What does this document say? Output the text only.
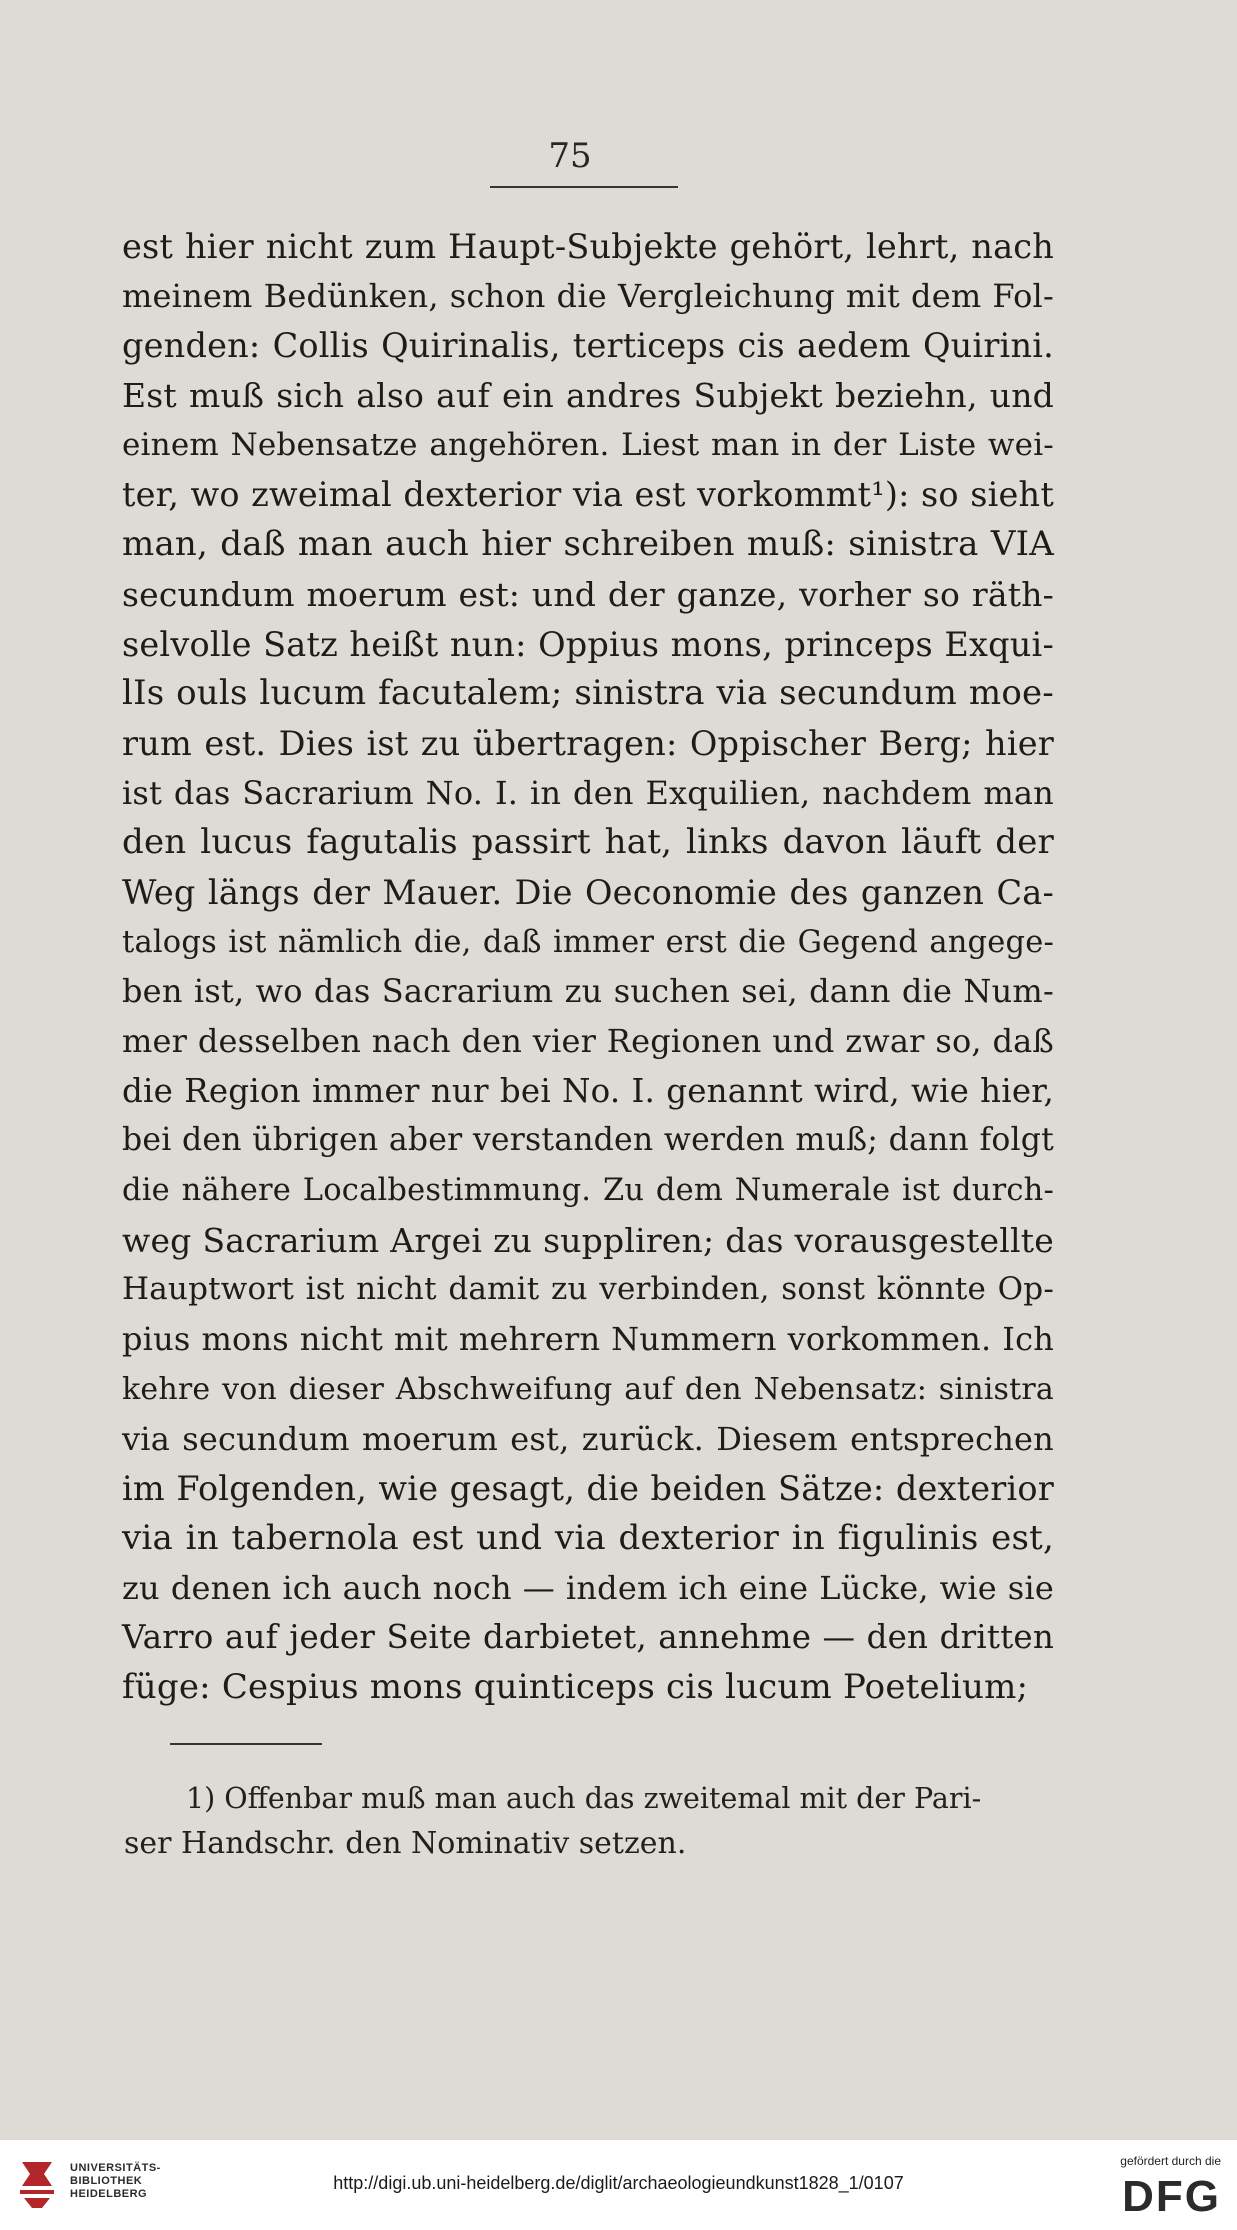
75
est hier nicht zum Haupt-Subjekte gehört, lehrt, nach
meinem Bedünken, schon die Vergleichung mit dem Fol-
genden: Collis Quirinalis, terticeps cis aedem Quirini.
Est muß sich also auf ein andres Subjekt beziehn, und
einem Nebensatze angehören. Liest man in der Liste wei-
ter, wo zweimal dexterior via est vorkommt¹): so sieht
man, daß man auch hier schreiben muß: sinistra VIA
secundum moerum est: und der ganze, vorher so räth-
selvolle Satz heißt nun: Oppius mons, princeps Exqui-
lIs ouls lucum facutalem; sinistra via secundum moe-
rum est. Dies ist zu übertragen: Oppischer Berg; hier
ist das Sacrarium No. I. in den Exquilien, nachdem man
den lucus fagutalis passirt hat, links davon läuft der
Weg längs der Mauer. Die Oeconomie des ganzen Ca-
talogs ist nämlich die, daß immer erst die Gegend angege-
ben ist, wo das Sacrarium zu suchen sei, dann die Num-
mer desselben nach den vier Regionen und zwar so, daß
die Region immer nur bei No. I. genannt wird, wie hier,
bei den übrigen aber verstanden werden muß; dann folgt
die nähere Localbestimmung. Zu dem Numerale ist durch-
weg Sacrarium Argei zu suppliren; das vorausgestellte
Hauptwort ist nicht damit zu verbinden, sonst könnte Op-
pius mons nicht mit mehrern Nummern vorkommen. Ich
kehre von dieser Abschweifung auf den Nebensatz: sinistra
via secundum moerum est, zurück. Diesem entsprechen
im Folgenden, wie gesagt, die beiden Sätze: dexterior
via in tabernola est und via dexterior in figulinis est,
zu denen ich auch noch — indem ich eine Lücke, wie sie
Varro auf jeder Seite darbietet, annehme — den dritten
füge: Cespius mons quinticeps cis lucum Poetelium;
1) Offenbar muß man auch das zweitemal mit der Pari-
ser Handschr. den Nominativ setzen.
UNIVERSITÄTS-
BIBLIOTHEK
HEIDELBERG
http://digi.ub.uni-heidelberg.de/diglit/archaeologieundkunst1828_1/0107
gefördert durch die
DFG
